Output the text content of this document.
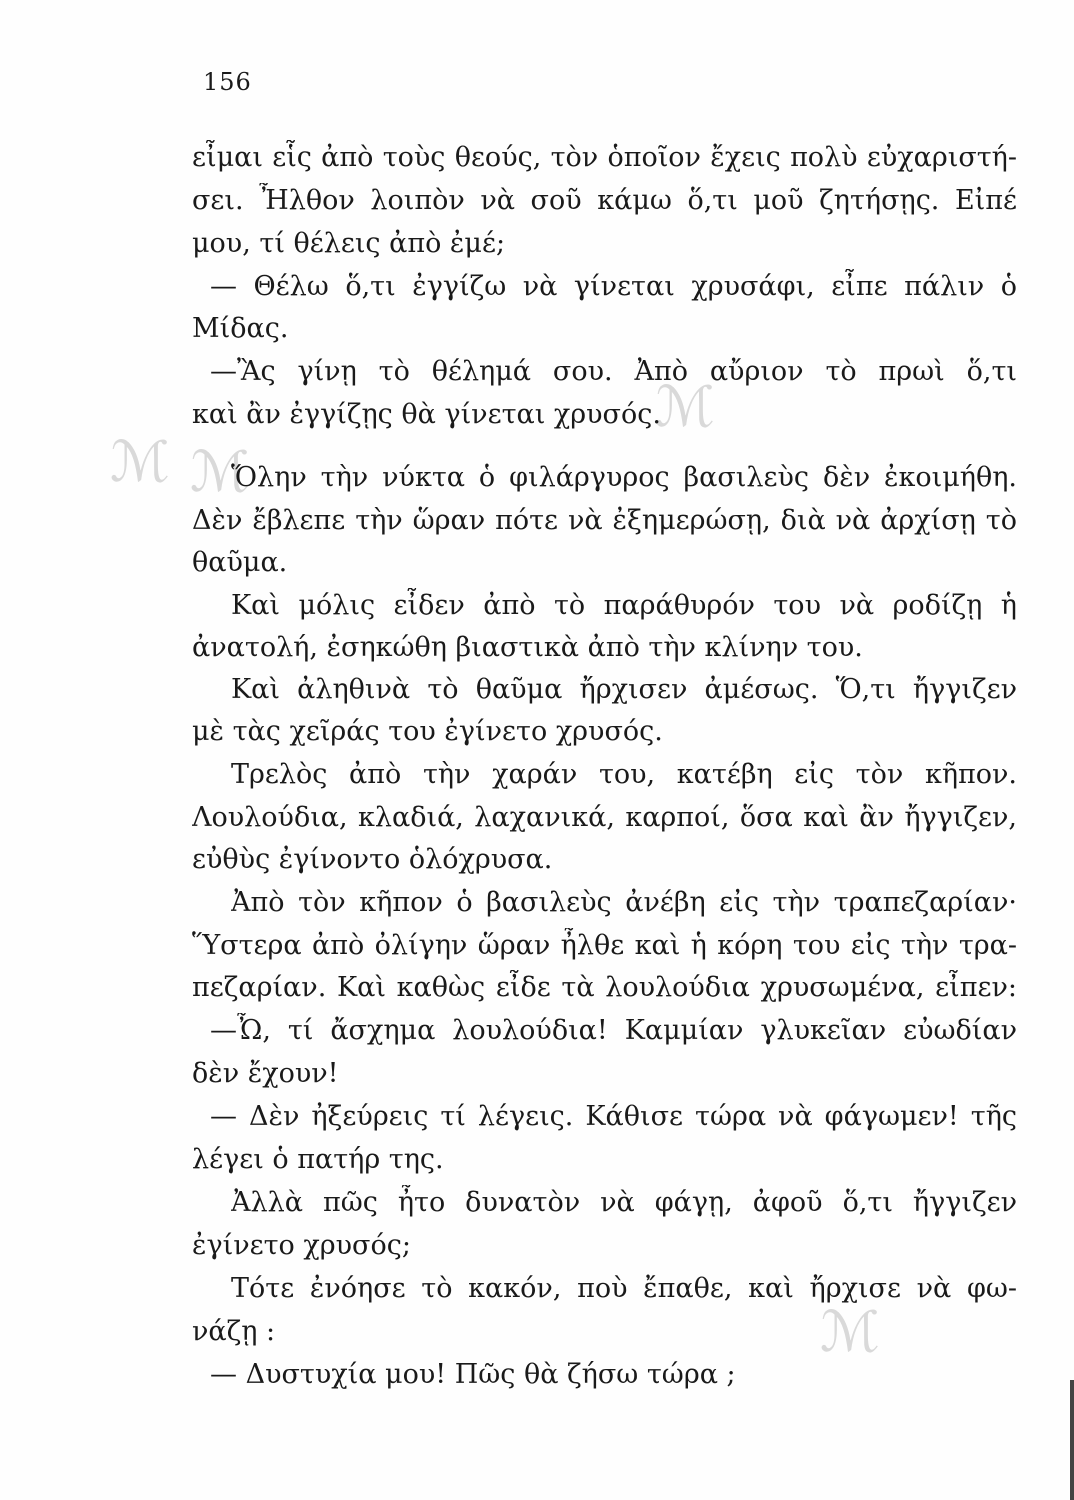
156
ℳ
ℳ ℳ
ℳ
εἶμαι εἷς ἀπὸ τοὺς θεούς, τὸν ὁποῖον ἔχεις πολὺ εὐχαριστή-
σει. Ἦλθον λοιπὸν νὰ σοῦ κάμω ὅ,τι μοῦ ζητήσῃς. Εἰπέ
μου, τί θέλεις ἀπὸ ἐμέ;
— Θέλω ὅ,τι ἐγγίζω νὰ γίνεται χρυσάφι, εἶπε πάλιν ὁ
Μίδας.
—Ἂς γίνῃ τὸ θέλημά σου. Ἀπὸ αὔριον τὸ πρωὶ ὅ,τι
καὶ ἂν ἐγγίζῃς θὰ γίνεται χρυσός.
Ὅλην τὴν νύκτα ὁ φιλάργυρος βασιλεὺς δὲν ἐκοιμήθη.
Δὲν ἔβλεπε τὴν ὥραν πότε νὰ ἐξημερώσῃ, διὰ νὰ ἀρχίσῃ τὸ
θαῦμα.
Καὶ μόλις εἶδεν ἀπὸ τὸ παράθυρόν του νὰ ροδίζῃ ἡ
ἀνατολή, ἐσηκώθη βιαστικὰ ἀπὸ τὴν κλίνην του.
Καὶ ἀληθινὰ τὸ θαῦμα ἤρχισεν ἀμέσως. Ὅ,τι ἤγγιζεν
μὲ τὰς χεῖράς του ἐγίνετο χρυσός.
Τρελὸς ἀπὸ τὴν χαράν του, κατέβη εἰς τὸν κῆπον.
Λουλούδια, κλαδιά, λαχανικά, καρποί, ὅσα καὶ ἂν ἤγγιζεν,
εὐθὺς ἐγίνοντο ὁλόχρυσα.
Ἀπὸ τὸν κῆπον ὁ βασιλεὺς ἀνέβη εἰς τὴν τραπεζαρίαν·
Ὕστερα ἀπὸ ὀλίγην ὥραν ἦλθε καὶ ἡ κόρη του εἰς τὴν τρα-
πεζαρίαν. Καὶ καθὼς εἶδε τὰ λουλούδια χρυσωμένα, εἶπεν:
—Ὦ, τί ἄσχημα λουλούδια! Καμμίαν γλυκεῖαν εὐωδίαν
δὲν ἔχουν!
— Δὲν ἠξεύρεις τί λέγεις. Κάθισε τώρα νὰ φάγωμεν! τῆς
λέγει ὁ πατήρ της.
Ἀλλὰ πῶς ἦτο δυνατὸν νὰ φάγῃ, ἀφοῦ ὅ,τι ἤγγιζεν
ἐγίνετο χρυσός;
Τότε ἐνόησε τὸ κακόν, ποὺ ἔπαθε, καὶ ἤρχισε νὰ φω-
νάζῃ :
— Δυστυχία μου! Πῶς θὰ ζήσω τώρα ;
